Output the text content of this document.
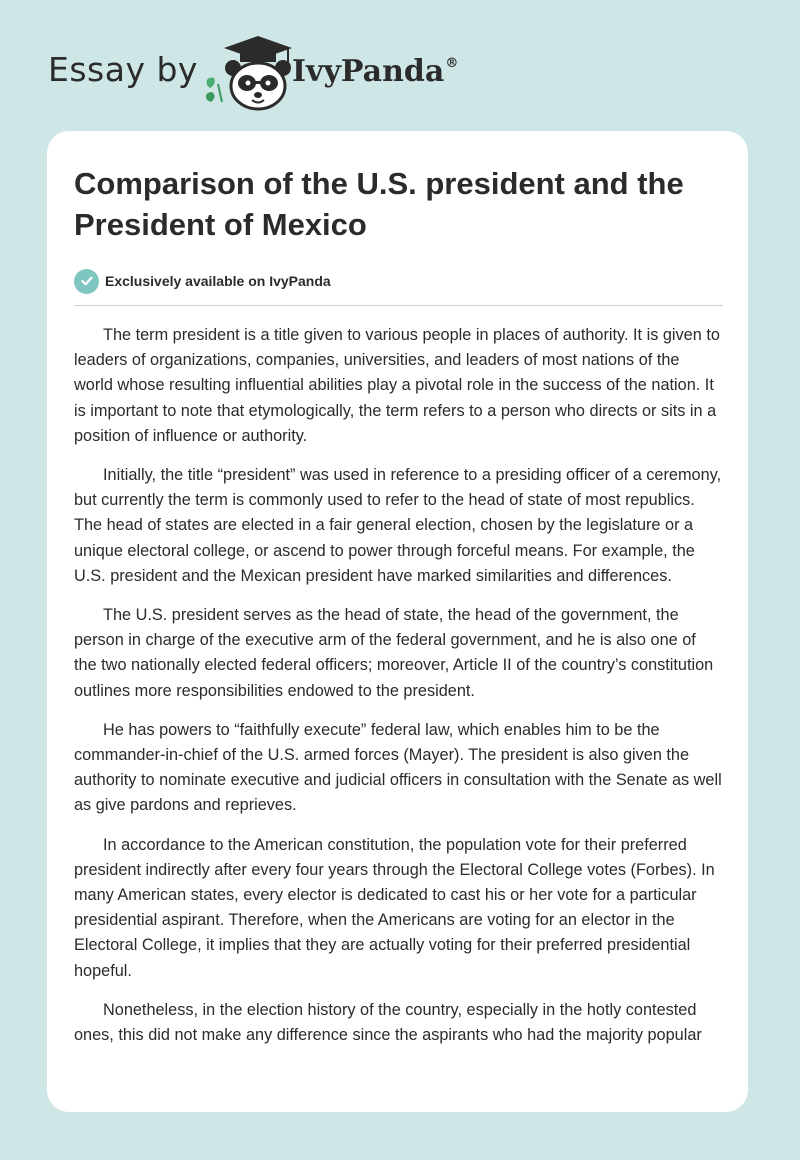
Essay by	IvyPanda®
Comparison of the U.S. president and the President of Mexico
Exclusively available on IvyPanda

The term president is a title given to various people in places of authority. It is given to leaders of organizations, companies, universities, and leaders of most nations of the world whose resulting influential abilities play a pivotal role in the success of the nation. It is important to note that etymologically, the term refers to a person who directs or sits in a position of influence or authority.

Initially, the title “president” was used in reference to a presiding officer of a ceremony, but currently the term is commonly used to refer to the head of state of most republics. The head of states are elected in a fair general election, chosen by the legislature or a unique electoral college, or ascend to power through forceful means. For example, the U.S. president and the Mexican president have marked similarities and differences.

The U.S. president serves as the head of state, the head of the government, the person in charge of the executive arm of the federal government, and he is also one of the two nationally elected federal officers; moreover, Article II of the country’s constitution outlines more responsibilities endowed to the president.

He has powers to “faithfully execute” federal law, which enables him to be the commander-in-chief of the U.S. armed forces (Mayer). The president is also given the authority to nominate executive and judicial officers in consultation with the Senate as well as give pardons and reprieves.

In accordance to the American constitution, the population vote for their preferred president indirectly after every four years through the Electoral College votes (Forbes). In many American states, every elector is dedicated to cast his or her vote for a particular presidential aspirant. Therefore, when the Americans are voting for an elector in the Electoral College, it implies that they are actually voting for their preferred presidential hopeful.

Nonetheless, in the election history of the country, especially in the hotly contested ones, this did not make any difference since the aspirants who had the majority popular
